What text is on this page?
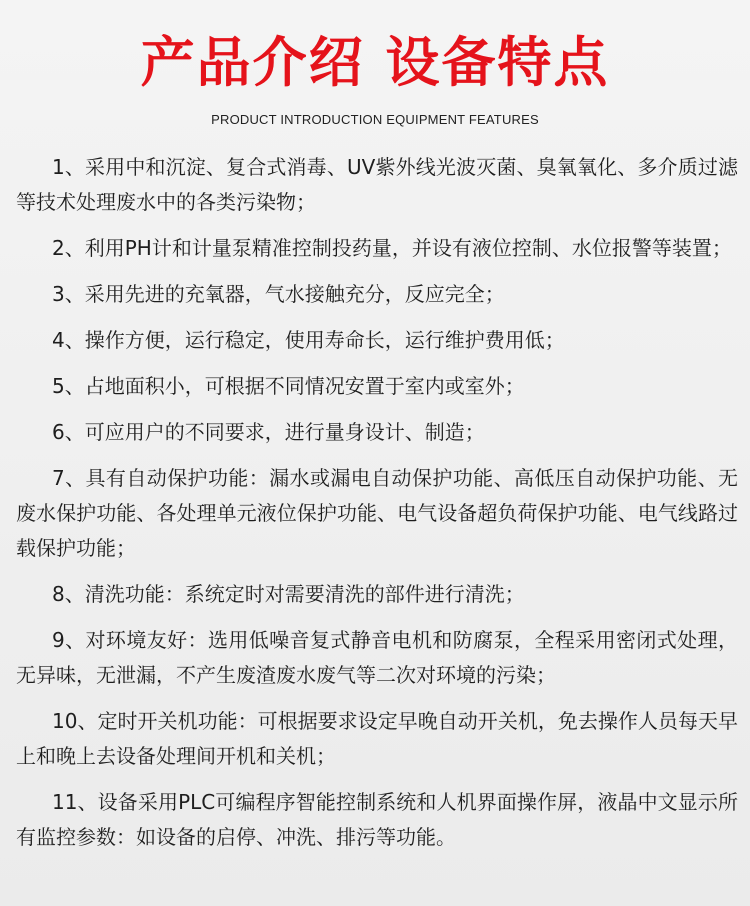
产品介绍 设备特点
PRODUCT INTRODUCTION EQUIPMENT FEATURES
1、采用中和沉淀、复合式消毒、UV紫外线光波灭菌、臭氧氧化、多介质过滤等技术处理废水中的各类污染物；
2、利用PH计和计量泵精准控制投药量，并设有液位控制、水位报警等装置；
3、采用先进的充氧器，气水接触充分，反应完全；
4、操作方便，运行稳定，使用寿命长，运行维护费用低；
5、占地面积小，可根据不同情况安置于室内或室外；
6、可应用户的不同要求，进行量身设计、制造；
7、具有自动保护功能：漏水或漏电自动保护功能、高低压自动保护功能、无废水保护功能、各处理单元液位保护功能、电气设备超负荷保护功能、电气线路过载保护功能；
8、清洗功能：系统定时对需要清洗的部件进行清洗；
9、对环境友好：选用低噪音复式静音电机和防腐泵，全程采用密闭式处理，无异味，无泄漏，不产生废渣废水废气等二次对环境的污染；
10、定时开关机功能：可根据要求设定早晚自动开关机，免去操作人员每天早上和晚上去设备处理间开机和关机；
11、设备采用PLC可编程序智能控制系统和人机界面操作屏，液晶中文显示所有监控参数：如设备的启停、冲洗、排污等功能。
